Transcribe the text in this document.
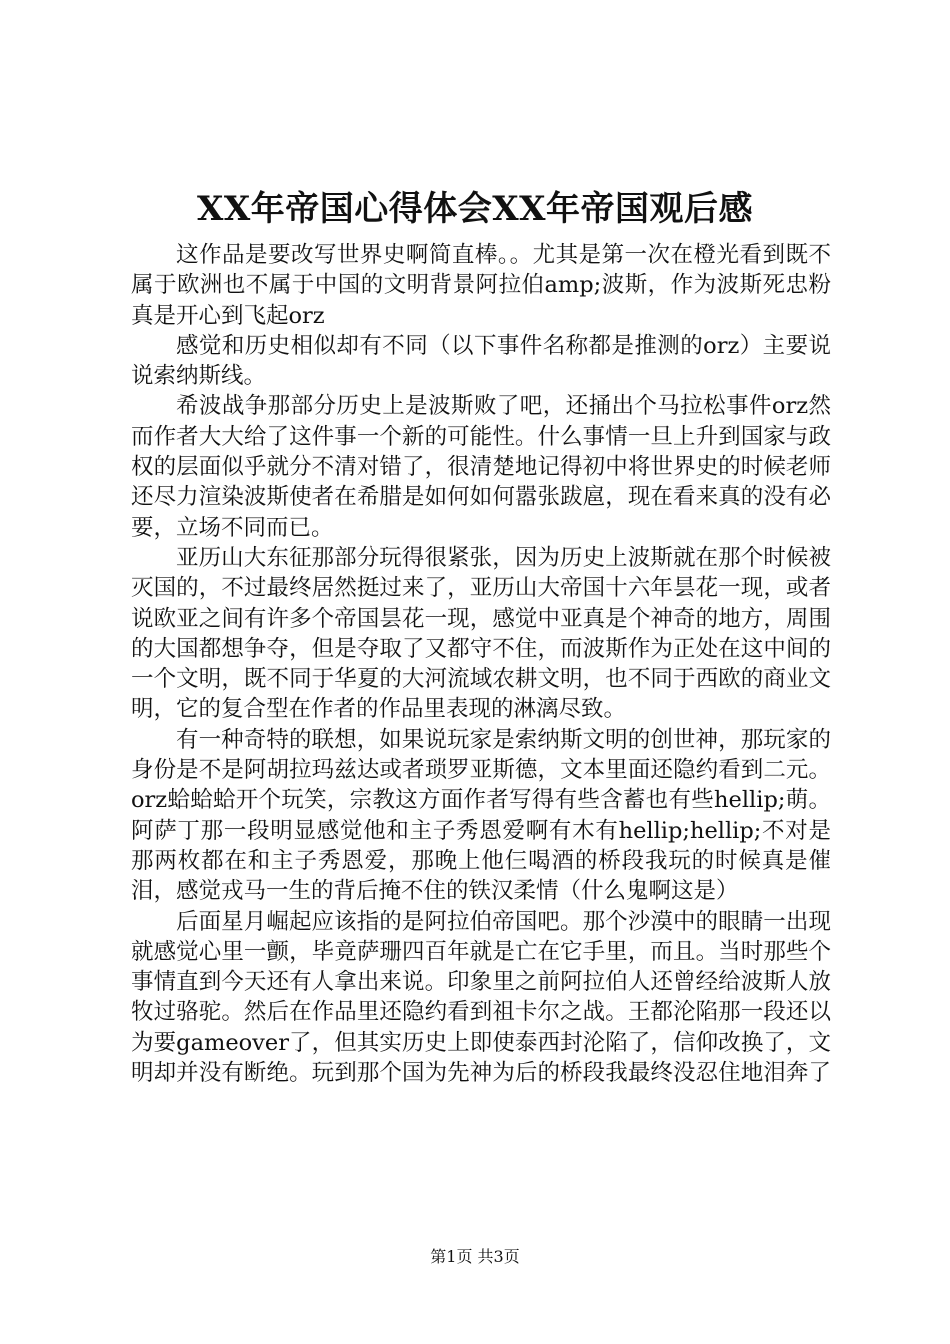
XX年帝国心得体会XX年帝国观后感

这作品是要改写世界史啊简直棒。。尤其是第一次在橙光看到既不属于欧洲也不属于中国的文明背景阿拉伯amp;波斯，作为波斯死忠粉真是开心到飞起orz

感觉和历史相似却有不同（以下事件名称都是推测的orz）主要说说索纳斯线。

希波战争那部分历史上是波斯败了吧，还捅出个马拉松事件orz然而作者大大给了这件事一个新的可能性。什么事情一旦上升到国家与政权的层面似乎就分不清对错了，很清楚地记得初中将世界史的时候老师还尽力渲染波斯使者在希腊是如何如何嚣张跋扈，现在看来真的没有必要，立场不同而已。

亚历山大东征那部分玩得很紧张，因为历史上波斯就在那个时候被灭国的，不过最终居然挺过来了，亚历山大帝国十六年昙花一现，或者说欧亚之间有许多个帝国昙花一现，感觉中亚真是个神奇的地方，周围的大国都想争夺，但是夺取了又都守不住，而波斯作为正处在这中间的一个文明，既不同于华夏的大河流域农耕文明，也不同于西欧的商业文明，它的复合型在作者的作品里表现的淋漓尽致。

有一种奇特的联想，如果说玩家是索纳斯文明的创世神，那玩家的身份是不是阿胡拉玛兹达或者琐罗亚斯德，文本里面还隐约看到二元。orz蛤蛤蛤开个玩笑，宗教这方面作者写得有些含蓄也有些hellip;萌。阿萨丁那一段明显感觉他和主子秀恩爱啊有木有hellip;hellip;不对是那两枚都在和主子秀恩爱，那晚上他仨喝酒的桥段我玩的时候真是催泪，感觉戎马一生的背后掩不住的铁汉柔情（什么鬼啊这是）

后面星月崛起应该指的是阿拉伯帝国吧。那个沙漠中的眼睛一出现就感觉心里一颤，毕竟萨珊四百年就是亡在它手里，而且。当时那些个事情直到今天还有人拿出来说。印象里之前阿拉伯人还曾经给波斯人放牧过骆驼。然后在作品里还隐约看到祖卡尔之战。王都沦陷那一段还以为要gameover了，但其实历史上即使泰西封沦陷了，信仰改换了，文明却并没有断绝。玩到那个国为先神为后的桥段我最终没忍住地泪奔了

第1页 共3页
